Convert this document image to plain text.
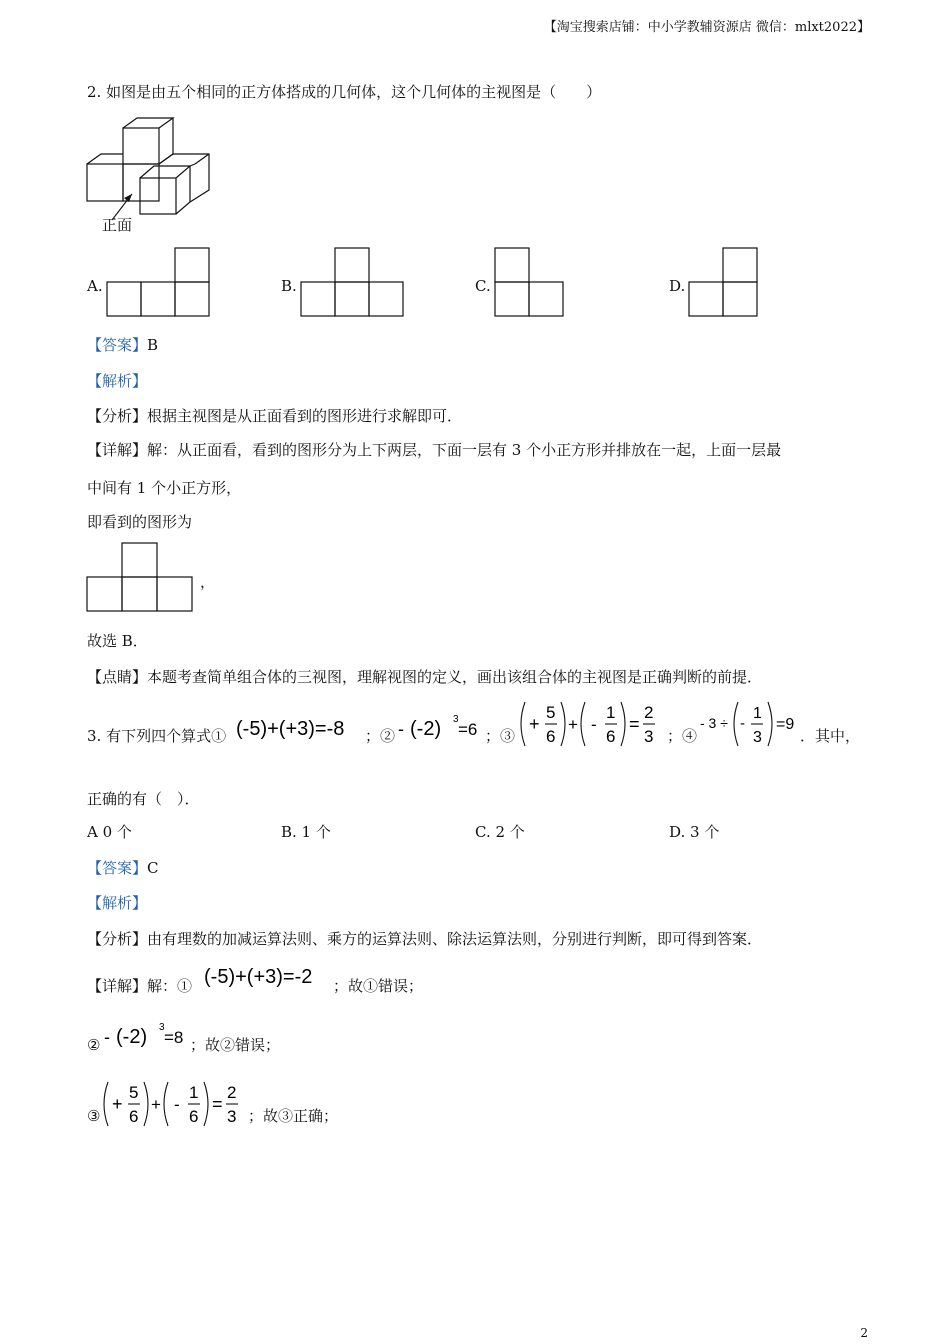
【淘宝搜索店铺：中小学教辅资源店 微信：mlxt2022】
2. 如图是由五个相同的正方体搭成的几何体，这个几何体的主视图是（　　）
正面
A.	B.	C.	D.
【答案】B
【解析】
【分析】根据主视图是从正面看到的图形进行求解即可．
【详解】解：从正面看，看到的图形分为上下两层，下面一层有 3 个小正方形并排放在一起，上面一层最
中间有 1 个小正方形，
即看到的图形为
，
故选 B．
【点睛】本题考查简单组合体的三视图，理解视图的定义，画出该组合体的主视图是正确判断的前提．
3. 有下列四个算式① (-5)+(+3)=-8 ；② - (-2) 3
=6 ；③
+
5
6
+ -
1
6
=
2
3 ；④
- 3 ÷ -
1
3
=9
．其中，
正确的有（　）．
A 0 个	B. 1 个	C. 2 个	D. 3 个
【答案】C
【解析】
【分析】由有理数的加减运算法则、乘方的运算法则、除法运算法则，分别进行判断，即可得到答案．
【详解】解：① (-5)+(+3)=-2 ；故①错误；
② - (-2) 3
=8 ；故②错误；
③
+
5
6
+ -
1
6
=
2
3 ；故③正确；
2
